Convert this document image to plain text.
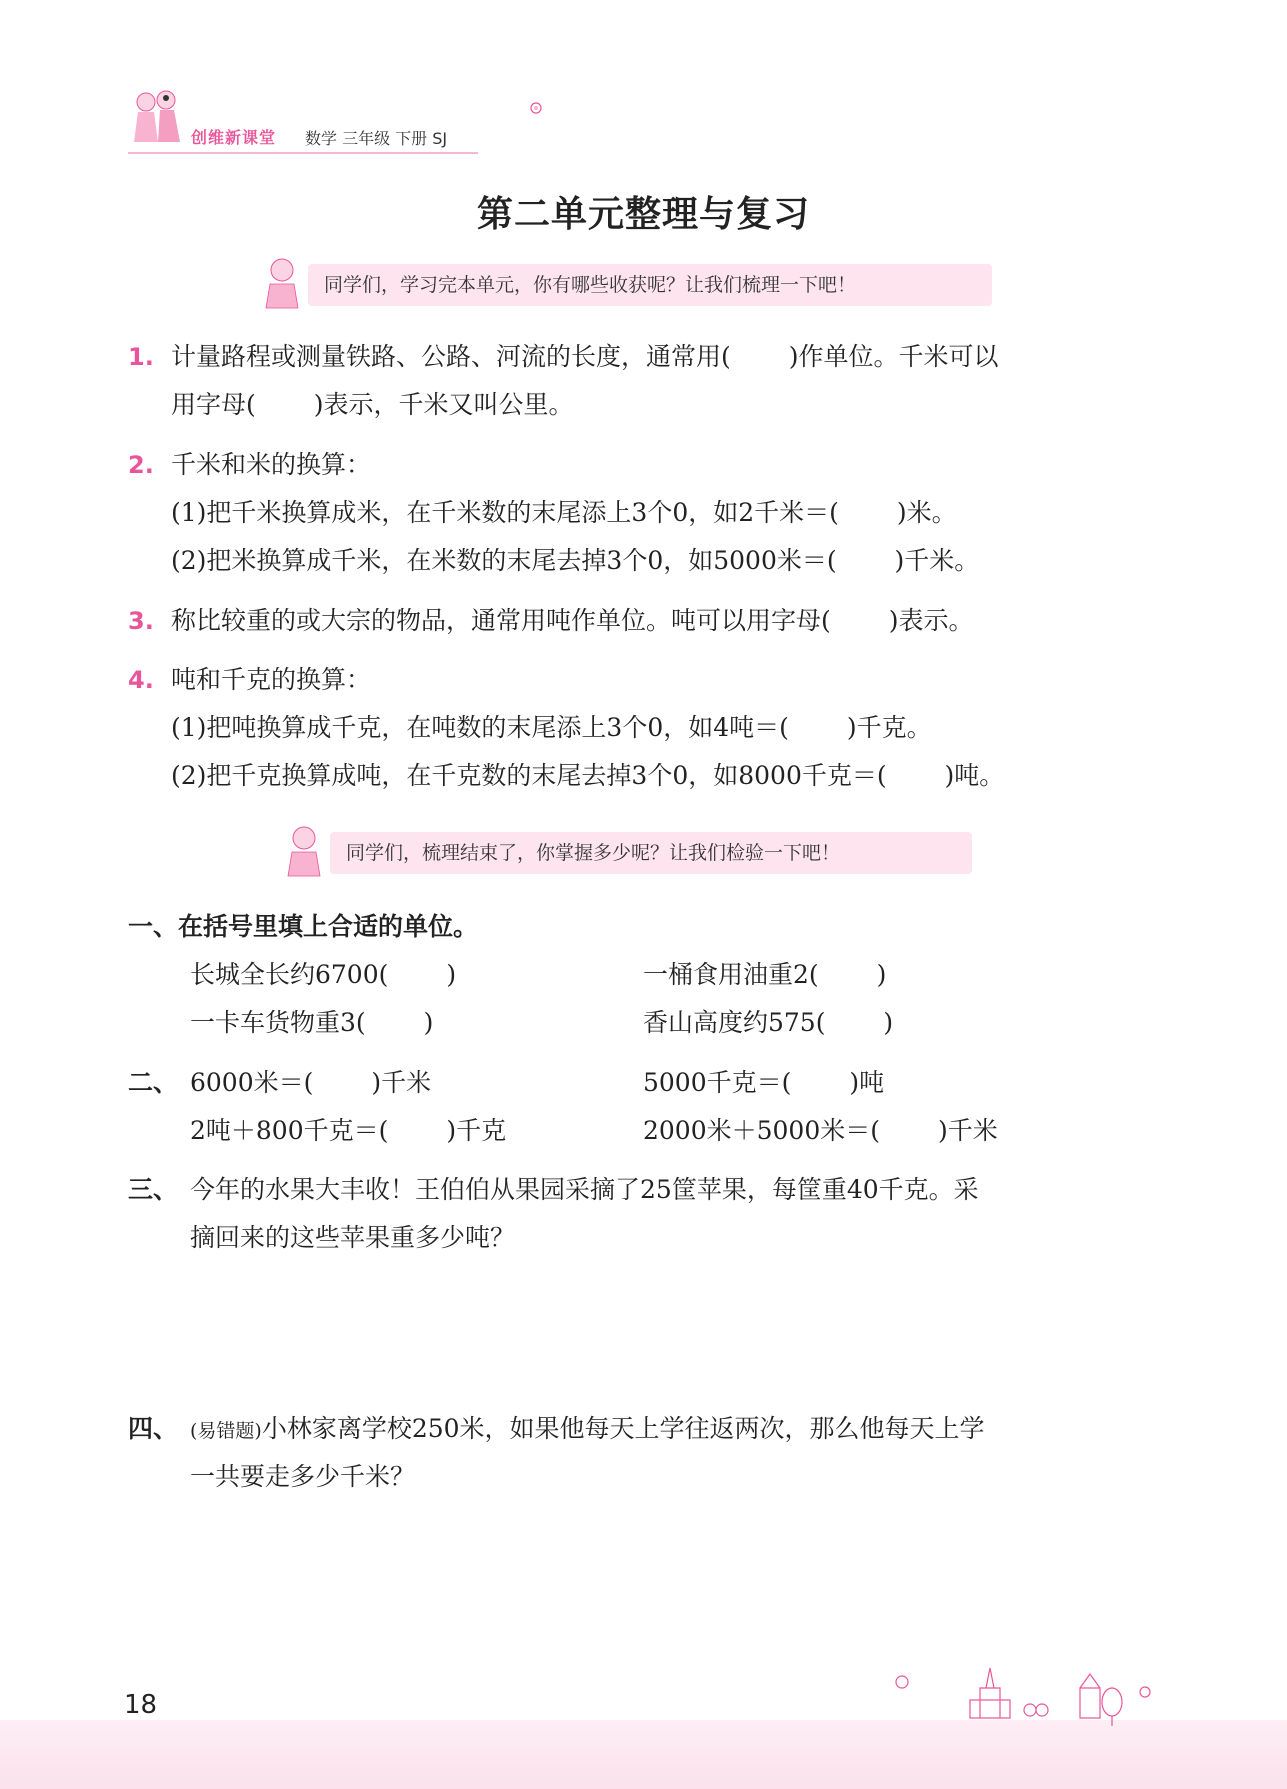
创维新课堂 数学 三年级 下册 SJ
第二单元整理与复习
同学们，学习完本单元，你有哪些收获呢？让我们梳理一下吧！
1. 计量路程或测量铁路、公路、河流的长度，通常用(　　 )作单位。千米可以
用字母(　　 )表示，千米又叫公里。
2. 千米和米的换算：
(1)把千米换算成米，在千米数的末尾添上3个0，如2千米＝(　　 )米。
(2)把米换算成千米，在米数的末尾去掉3个0，如5000米＝(　　 )千米。
3. 称比较重的或大宗的物品，通常用吨作单位。吨可以用字母(　　 )表示。
4. 吨和千克的换算：
(1)把吨换算成千克，在吨数的末尾添上3个0，如4吨＝(　　 )千克。
(2)把千克换算成吨，在千克数的末尾去掉3个0，如8000千克＝(　　 )吨。
同学们，梳理结束了，你掌握多少呢？让我们检验一下吧！
一、在括号里填上合适的单位。
长城全长约6700(　　 )	一桶食用油重2(　　 )
一卡车货物重3(　　 )	香山高度约575(　　 )
二、 6000米＝(　　 )千米	5000千克＝(　　 )吨
2吨＋800千克＝(　　 )千克	2000米＋5000米＝(　　 )千米
三、 今年的水果大丰收！王伯伯从果园采摘了25筐苹果，每筐重40千克。采
摘回来的这些苹果重多少吨？
四、 (易错题)小林家离学校250米，如果他每天上学往返两次，那么他每天上学
一共要走多少千米？
18
